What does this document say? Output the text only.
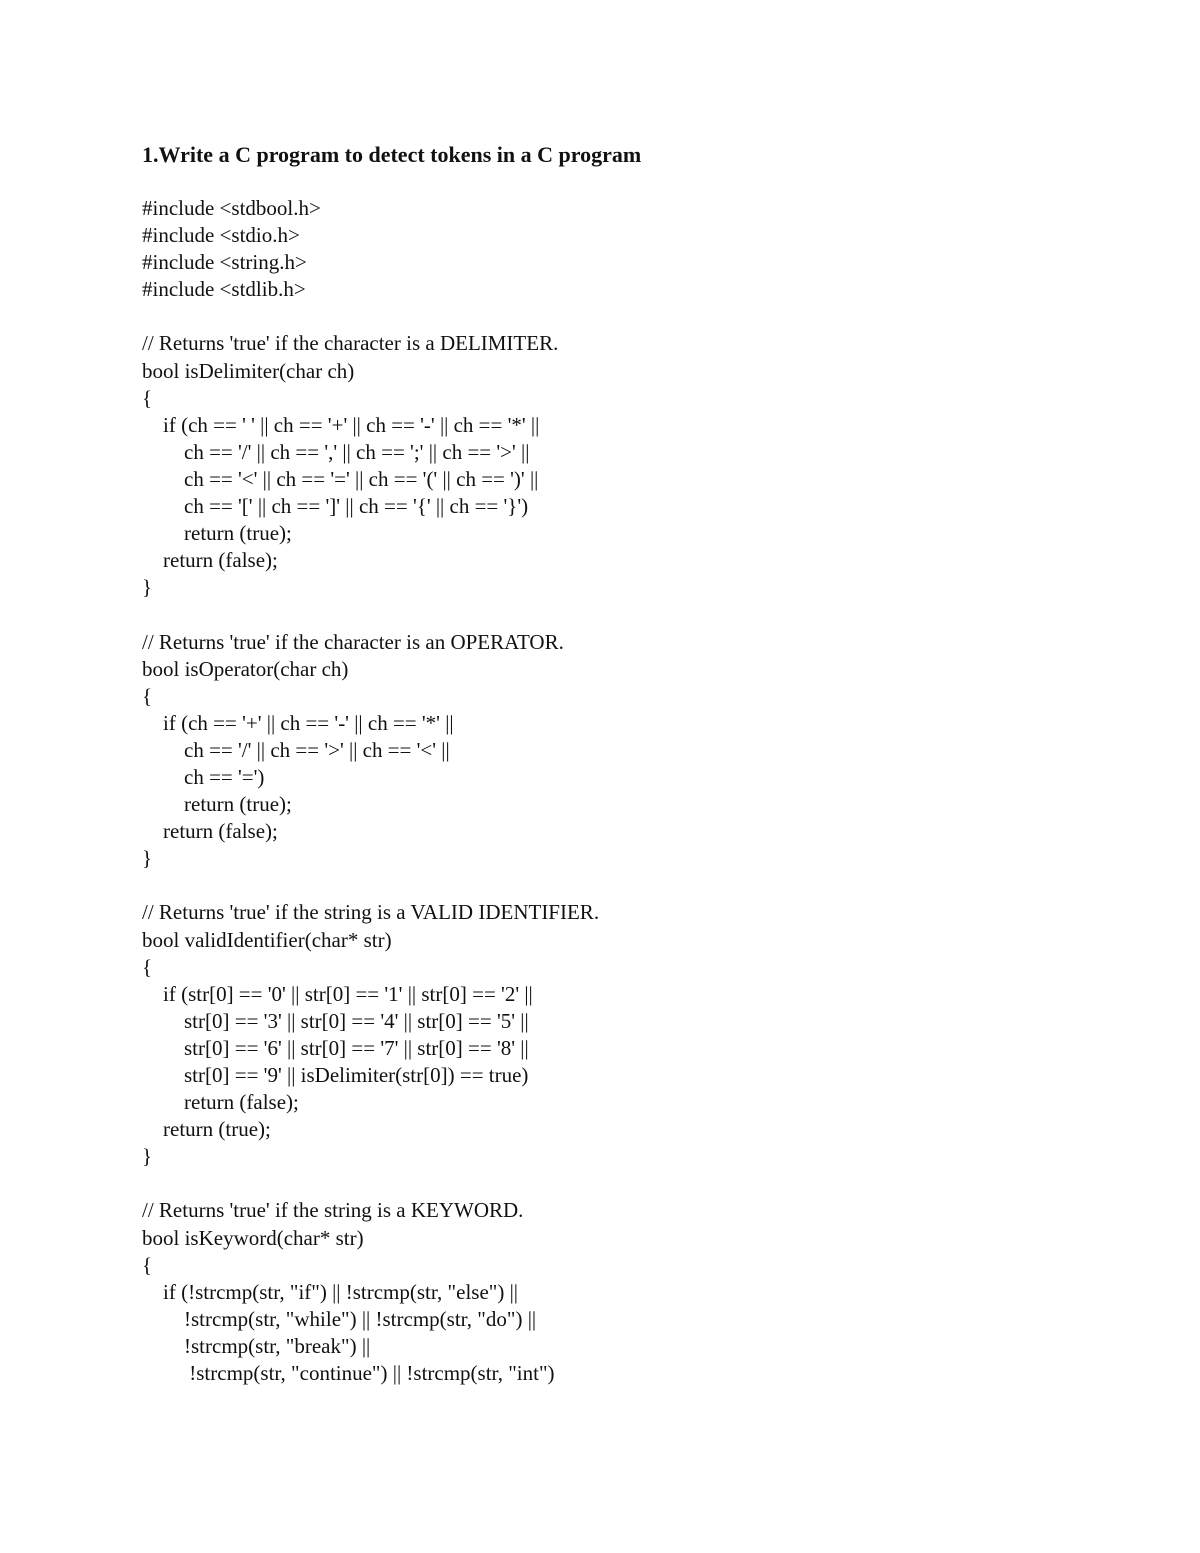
1.Write a C program to detect tokens in a C program
#include <stdbool.h>
#include <stdio.h>
#include <string.h>
#include <stdlib.h>
// Returns 'true' if the character is a DELIMITER.
bool isDelimiter(char ch)
{
if (ch == ' ' || ch == '+' || ch == '-' || ch == '*' ||
ch == '/' || ch == ',' || ch == ';' || ch == '>' ||
ch == '<' || ch == '=' || ch == '(' || ch == ')' ||
ch == '[' || ch == ']' || ch == '{' || ch == '}')
return (true);
return (false);
}
// Returns 'true' if the character is an OPERATOR.
bool isOperator(char ch)
{
if (ch == '+' || ch == '-' || ch == '*' ||
ch == '/' || ch == '>' || ch == '<' ||
ch == '=')
return (true);
return (false);
}
// Returns 'true' if the string is a VALID IDENTIFIER.
bool validIdentifier(char* str)
{
if (str[0] == '0' || str[0] == '1' || str[0] == '2' ||
str[0] == '3' || str[0] == '4' || str[0] == '5' ||
str[0] == '6' || str[0] == '7' || str[0] == '8' ||
str[0] == '9' || isDelimiter(str[0]) == true)
return (false);
return (true);
}
// Returns 'true' if the string is a KEYWORD.
bool isKeyword(char* str)
{
if (!strcmp(str, "if") || !strcmp(str, "else") ||
!strcmp(str, "while") || !strcmp(str, "do") ||
!strcmp(str, "break") ||
!strcmp(str, "continue") || !strcmp(str, "int")
